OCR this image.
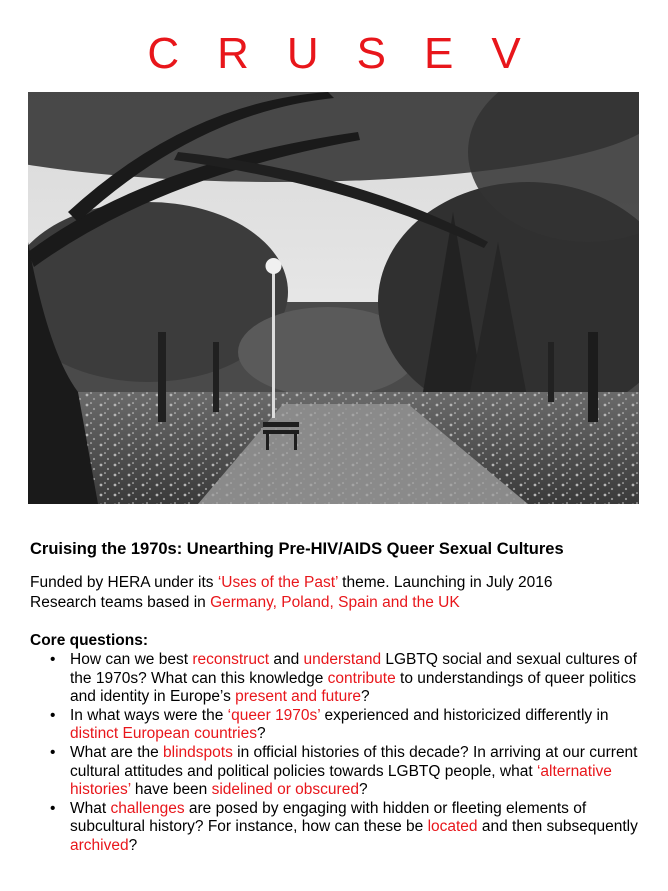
CRUSEV
Cruising the 1970s: Unearthing Pre-HIV/AIDS Queer Sexual Cultures
Funded by HERA under its ‘Uses of the Past’ theme. Launching in July 2016
Research teams based in Germany, Poland, Spain and the UK
Core questions:
• How can we best reconstruct and understand LGBTQ social and sexual cultures of the 1970s? What can this knowledge contribute to understandings of queer politics and identity in Europe’s present and future?
• In what ways were the ‘queer 1970s’ experienced and historicized differently in distinct European countries?
• What are the blindspots in official histories of this decade? In arriving at our current cultural attitudes and political policies towards LGBTQ people, what ‘alternative histories’ have been sidelined or obscured?
• What challenges are posed by engaging with hidden or fleeting elements of subcultural history? For instance, how can these be located and then subsequently archived?
